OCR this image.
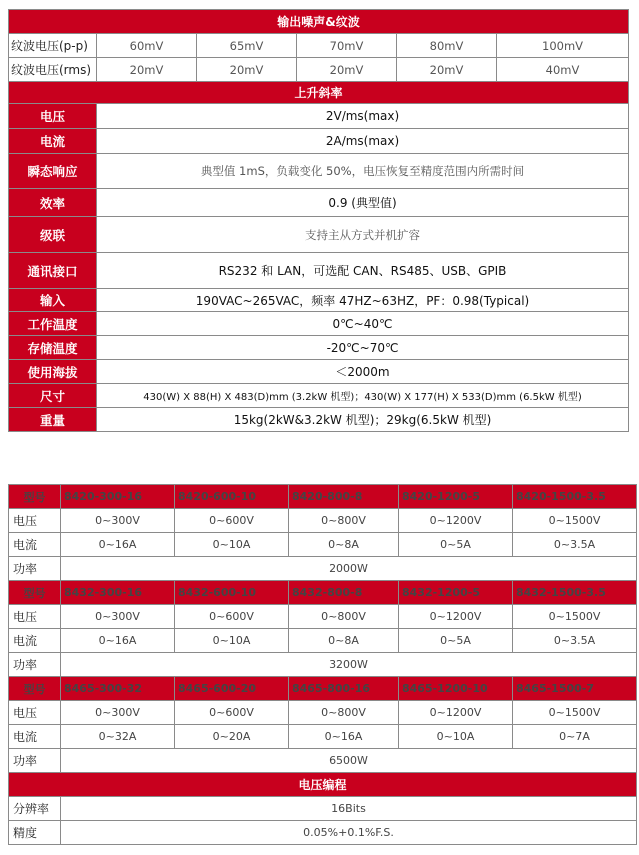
输出噪声&纹波					
纹波电压(p-p)	60mV	65mV	70mV	80mV	100mV
纹波电压(rms)	20mV	20mV	20mV	20mV	40mV
上升斜率					
电压	2V/ms(max)				
电流	2A/ms(max)				
瞬态响应	典型值 1mS，负载变化 50%，电压恢复至精度范围内所需时间				
效率	0.9 (典型值)				
级联	支持主从方式并机扩容				
通讯接口	RS232 和 LAN，可选配 CAN、RS485、USB、GPIB				
输入	190VAC~265VAC，频率 47HZ~63HZ，PF：0.98(Typical)				
工作温度	0℃~40℃				
存储温度	-20℃~70℃				
使用海拔	＜2000m				
尺寸	430(W) X 88(H) X 483(D)mm (3.2kW 机型)；430(W) X 177(H) X 533(D)mm (6.5kW 机型)				
重量	15kg(2kW&3.2kW 机型)；29kg(6.5kW 机型)				
型号	8420-300-16	8420-600-10	8420-800-8	8420-1200-5	8420-1500-3.5
电压	0~300V	0~600V	0~800V	0~1200V	0~1500V
电流	0~16A	0~10A	0~8A	0~5A	0~3.5A
功率	2000W				
型号	8432-300-16	8432-600-10	8432-800-8	8432-1200-5	8432-1500-3.5
电压	0~300V	0~600V	0~800V	0~1200V	0~1500V
电流	0~16A	0~10A	0~8A	0~5A	0~3.5A
功率	3200W				
型号	8465-300-32	8465-600-20	8465-800-16	8465-1200-10	8465-1500-7
电压	0~300V	0~600V	0~800V	0~1200V	0~1500V
电流	0~32A	0~20A	0~16A	0~10A	0~7A
功率	6500W				
电压编程					
分辨率	16Bits				
精度	0.05%+0.1%F.S.				
